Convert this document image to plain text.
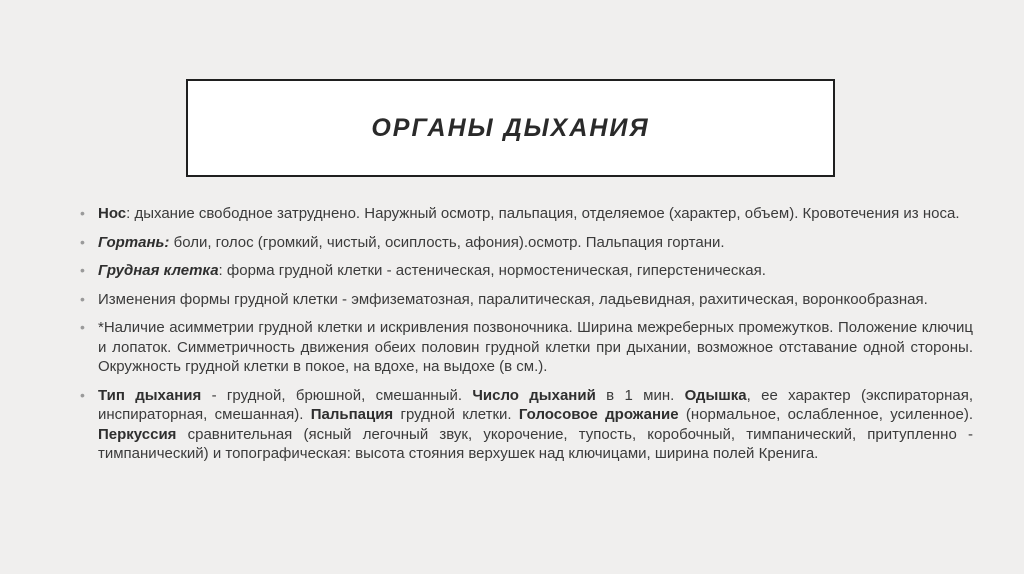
ОРГАНЫ ДЫХАНИЯ
• Нос: дыхание свободное затруднено. Наружный осмотр, пальпация, отделяемое (характер, объем). Кровотечения из носа.
• Гортань: боли, голос (громкий, чистый, осиплость, афония).осмотр. Пальпация гортани.
• Грудная клетка: форма грудной клетки - астеническая, нормостеническая, гиперстеническая.
• Изменения формы грудной клетки - эмфизематозная, паралитическая, ладьевидная, рахитическая, воронкообразная.
• *Наличие асимметрии грудной клетки и искривления позвоночника. Ширина межреберных промежутков. Положение ключиц и лопаток. Симметричность движения обеих половин грудной клетки при дыхании, возможное отставание одной стороны. Окружность грудной клетки в покое, на вдохе, на выдохе (в см.).
• Тип дыхания - грудной, брюшной, смешанный. Число дыханий в 1 мин. Одышка, ее характер (экспираторная, инспираторная, смешанная). Пальпация грудной клетки. Голосовое дрожание (нормальное, ослабленное, усиленное). Перкуссия сравнительная (ясный легочный звук, укорочение, тупость, коробочный, тимпанический, притупленно - тимпанический) и топографическая: высота стояния верхушек над ключицами, ширина полей Кренига.
